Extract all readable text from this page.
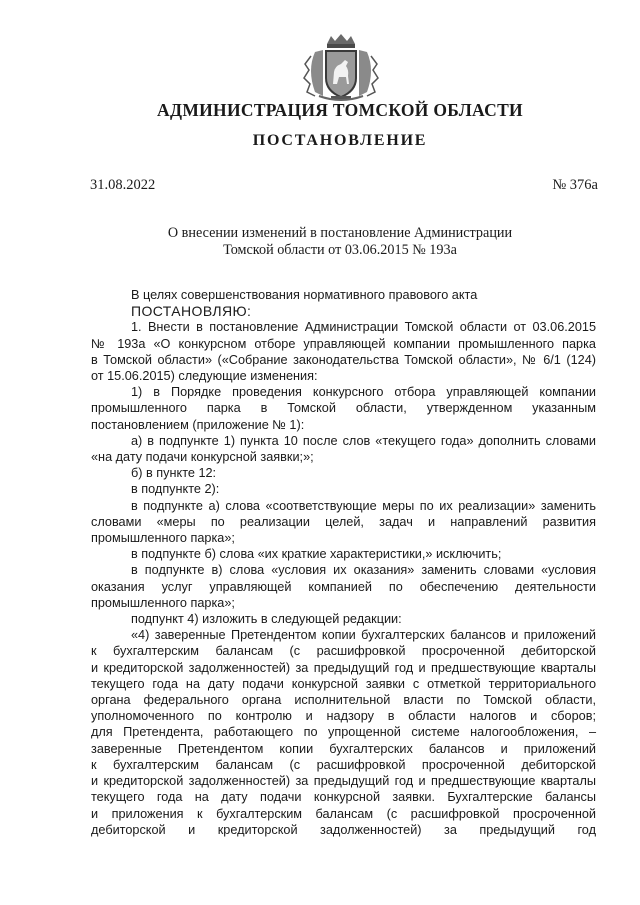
АДМИНИСТРАЦИЯ ТОМСКОЙ ОБЛАСТИ
ПОСТАНОВЛЕНИЕ
31.08.2022	№ 376а
О внесении изменений в постановление Администрации
Томской области от 03.06.2015 № 193а
В целях совершенствования нормативного правового акта
ПОСТАНОВЛЯЮ:
1. Внести в постановление Администрации Томской области от 03.06.2015
№ 193а «О конкурсном отборе управляющей компании промышленного парка
в Томской области» («Собрание законодательства Томской области», № 6/1 (124)
от 15.06.2015) следующие изменения:
1) в Порядке проведения конкурсного отбора управляющей компании
промышленного парка в Томской области, утвержденном указанным
постановлением (приложение № 1):
а) в подпункте 1) пункта 10 после слов «текущего года» дополнить словами
«на дату подачи конкурсной заявки;»;
б) в пункте 12:
в подпункте 2):
в подпункте а) слова «соответствующие меры по их реализации» заменить
словами «меры по реализации целей, задач и направлений развития
промышленного парка»;
в подпункте б) слова «их краткие характеристики,» исключить;
в подпункте в) слова «условия их оказания» заменить словами «условия
оказания услуг управляющей компанией по обеспечению деятельности
промышленного парка»;
подпункт 4) изложить в следующей редакции:
«4) заверенные Претендентом копии бухгалтерских балансов и приложений
к бухгалтерским балансам (с расшифровкой просроченной дебиторской
и кредиторской задолженностей) за предыдущий год и предшествующие кварталы
текущего года на дату подачи конкурсной заявки с отметкой территориального
органа федерального органа исполнительной власти по Томской области,
уполномоченного по контролю и надзору в области налогов и сборов;
для Претендента, работающего по упрощенной системе налогообложения, –
заверенные Претендентом копии бухгалтерских балансов и приложений
к бухгалтерским балансам (с расшифровкой просроченной дебиторской
и кредиторской задолженностей) за предыдущий год и предшествующие кварталы
текущего года на дату подачи конкурсной заявки. Бухгалтерские балансы
и приложения к бухгалтерским балансам (с расшифровкой просроченной
дебиторской и кредиторской задолженностей) за предыдущий год
